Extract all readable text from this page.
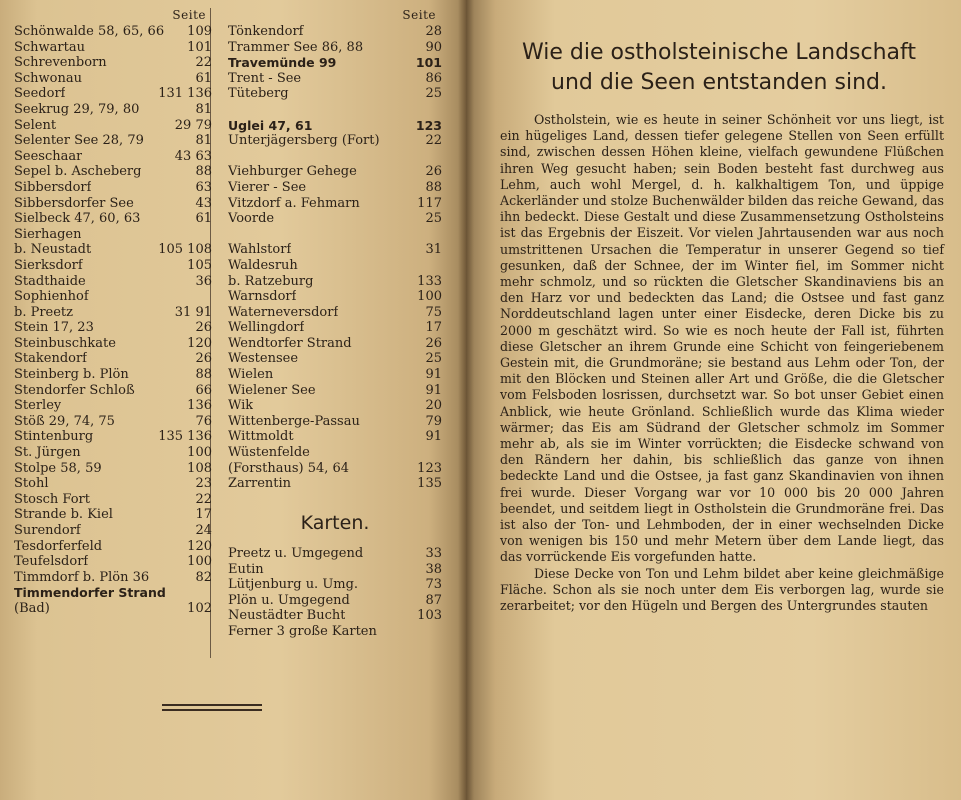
Seite
Schönwalde 58, 65, 66	109
Schwartau	101
Schrevenborn	22
Schwonau	61
Seedorf	131 136
Seekrug 29, 79, 80	81
Selent	29 79
Selenter See 28, 79	81
Seeschaar	43 63
Sepel b. Ascheberg	88
Sibbersdorf	63
Sibbersdorfer See	43
Sielbeck 47, 60, 63	61
Sierhagen
b. Neustadt	105 108
Sierksdorf	105
Stadthaide	36
Sophienhof
b. Preetz	31 91
Stein 17, 23	26
Steinbuschkate	120
Stakendorf	26
Steinberg b. Plön	88
Stendorfer Schloß	66
Sterley	136
Stöß 29, 74, 75	76
Stintenburg	135 136
St. Jürgen	100
Stolpe 58, 59	108
Stohl	23
Stosch Fort	22
Strande b. Kiel	17
Surendorf	24
Tesdorferfeld	120
Teufelsdorf	100
Timmdorf b. Plön 36	82
Timmendorfer Strand
(Bad)	102
Seite
Tönkendorf	28
Trammer See 86, 88	90
Travemünde 99	101
Trent - See	86
Tüteberg	25
Uglei 47, 61	123
Unterjägersberg (Fort)	22
Viehburger Gehege	26
Vierer - See	88
Vitzdorf a. Fehmarn	117
Voorde	25
Wahlstorf	31
Waldesruh
b. Ratzeburg	133
Warnsdorf	100
Waterneversdorf	75
Wellingdorf	17
Wendtorfer Strand	26
Westensee	25
Wielen	91
Wielener See	91
Wik	20
Wittenberge-Passau	79
Wittmoldt	91
Wüstenfelde
(Forsthaus) 54, 64	123
Zarrentin	135
Karten.
Preetz u. Umgegend	33
Eutin	38
Lütjenburg u. Umg.	73
Plön u. Umgegend	87
Neustädter Bucht	103
Ferner 3 große Karten
Wie die ostholsteinische Landschaft
und die Seen entstanden sind.

Ostholstein, wie es heute in seiner Schönheit vor uns liegt, ist ein hügeliges Land, dessen tiefer gelegene Stellen von Seen erfüllt sind, zwischen dessen Höhen kleine, vielfach gewundene Flüßchen ihren Weg gesucht haben; sein Boden besteht fast durchweg aus Lehm, auch wohl Mergel, d. h. kalkhaltigem Ton, und üppige Ackerländer und stolze Buchenwälder bilden das reiche Gewand, das ihn bedeckt. Diese Gestalt und diese Zusammensetzung Ostholsteins ist das Ergebnis der Eiszeit. Vor vielen Jahrtausenden war aus noch umstrittenen Ursachen die Temperatur in unserer Gegend so tief gesunken, daß der Schnee, der im Winter fiel, im Sommer nicht mehr schmolz, und so rückten die Gletscher Skandinaviens bis an den Harz vor und bedeckten das Land; die Ostsee und fast ganz Norddeutschland lagen unter einer Eisdecke, deren Dicke bis zu 2000 m geschätzt wird. So wie es noch heute der Fall ist, führten diese Gletscher an ihrem Grunde eine Schicht von feingeriebenem Gestein mit, die Grundmoräne; sie bestand aus Lehm oder Ton, der mit den Blöcken und Steinen aller Art und Größe, die die Gletscher vom Felsboden losrissen, durchsetzt war. So bot unser Gebiet einen Anblick, wie heute Grönland. Schließlich wurde das Klima wieder wärmer; das Eis am Südrand der Gletscher schmolz im Sommer mehr ab, als sie im Winter vorrückten; die Eisdecke schwand von den Rändern her dahin, bis schließlich das ganze von ihnen bedeckte Land und die Ostsee, ja fast ganz Skandinavien von ihnen frei wurde. Dieser Vorgang war vor 10 000 bis 20 000 Jahren beendet, und seitdem liegt in Ostholstein die Grundmoräne frei. Das ist also der Ton- und Lehmboden, der in einer wechselnden Dicke von wenigen bis 150 und mehr Metern über dem Lande liegt, das das vorrückende Eis vorgefunden hatte.

Diese Decke von Ton und Lehm bildet aber keine gleichmäßige Fläche. Schon als sie noch unter dem Eis verborgen lag, wurde sie zerarbeitet; vor den Hügeln und Bergen des Untergrundes stauten
